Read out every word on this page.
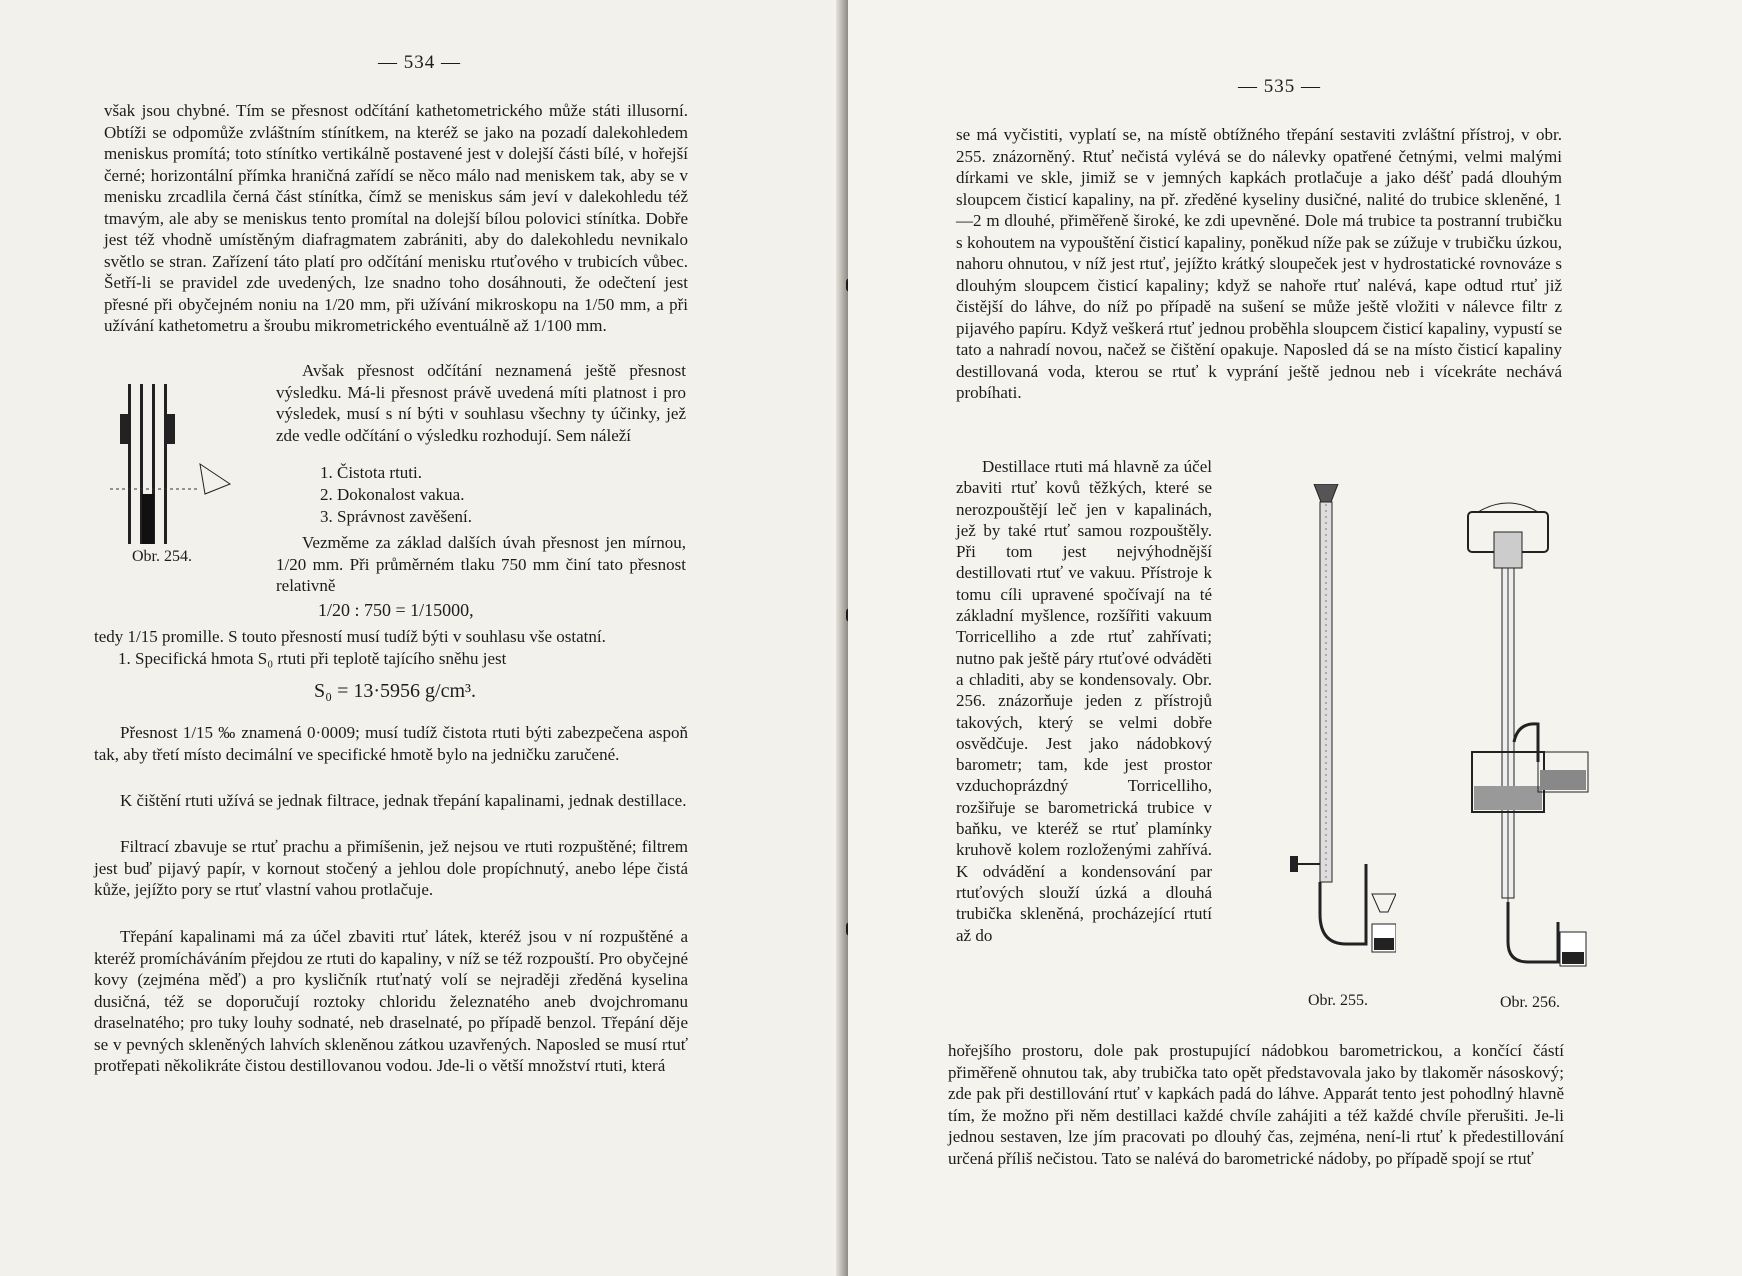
— 534 —

však jsou chybné. Tím se přesnost odčítání kathetometrického může státi illusorní. Obtíži se odpomůže zvláštním stínítkem, na kteréž se jako na pozadí dalekohledem meniskus promítá; toto stínítko vertikálně postavené jest v dolejší části bílé, v hořejší černé; horizontální přímka hraničná zařídí se něco málo nad meniskem tak, aby se v menisku zrcadlila černá část stínítka, čímž se meniskus sám jeví v dalekohledu též tmavým, ale aby se meniskus tento promítal na dolejší bílou polovici stínítka. Dobře jest též vhodně umístěným diafragmatem zabrániti, aby do dalekohledu nevnikalo světlo se stran. Zařízení táto platí pro odčítání menisku rtuťového v trubicích vůbec. Šetří-li se pravidel zde uvedených, lze snadno toho dosáhnouti, že odečtení jest přesné při obyčejném noniu na 1/20 mm, při užívání mikroskopu na 1/50 mm, a při užívání kathetometru a šroubu mikrometrického eventuálně až 1/100 mm.

Obr. 254.

Avšak přesnost odčítání neznamená ještě přesnost výsledku. Má-li přesnost právě uvedená míti platnost i pro výsledek, musí s ní býti v souhlasu všechny ty účinky, jež zde vedle odčítání o výsledku rozhodují. Sem náleží

1. Čistota rtuti.
2. Dokonalost vakua.
3. Správnost zavěšení.

Vezměme za základ dalších úvah přesnost jen mírnou, 1/20 mm. Při průměrném tlaku 750 mm činí tato přesnost relativně

1/20 : 750 = 1/15000,

tedy 1/15 promille. S touto přesností musí tudíž býti v souhlasu vše ostatní.

1. Specifická hmota S₀ rtuti při teplotě tajícího sněhu jest

S₀ = 13·5956 g/cm³.

Přesnost 1/15 ‰ znamená 0·0009; musí tudíž čistota rtuti býti zabezpečena aspoň tak, aby třetí místo decimální ve specifické hmotě bylo na jedničku zaručené.

K čištění rtuti užívá se jednak filtrace, jednak třepání kapalinami, jednak destillace.

Filtrací zbavuje se rtuť prachu a přimíšenin, jež nejsou ve rtuti rozpuštěné; filtrem jest buď pijavý papír, v kornout stočený a jehlou dole propíchnutý, anebo lépe čistá kůže, jejížto pory se rtuť vlastní vahou protlačuje.

Třepání kapalinami má za účel zbaviti rtuť látek, kteréž jsou v ní rozpuštěné a kteréž promícháváním přejdou ze rtuti do kapaliny, v níž se též rozpouští. Pro obyčejné kovy (zejména měď) a pro kysličník rtuťnatý volí se nejraději zředěná kyselina dusičná, též se doporučují roztoky chloridu železnatého aneb dvojchromanu draselnatého; pro tuky louhy sodnaté, neb draselnaté, po případě benzol. Třepání děje se v pevných skleněných lahvích skleněnou zátkou uzavřených. Naposled se musí rtuť protřepati několikráte čistou destillovanou vodou. Jde-li o větší množství rtuti, která

— 535 —

se má vyčistiti, vyplatí se, na místě obtížného třepání sestaviti zvláštní přístroj, v obr. 255. znázorněný. Rtuť nečistá vylévá se do nálevky opatřené četnými, velmi malými dírkami ve skle, jimiž se v jemných kapkách protlačuje a jako déšť padá dlouhým sloupcem čisticí kapaliny, na př. zředěné kyseliny dusičné, nalité do trubice skleněné, 1—2 m dlouhé, přiměřeně široké, ke zdi upevněné. Dole má trubice ta postranní trubičku s kohoutem na vypouštění čisticí kapaliny, poněkud níže pak se zúžuje v trubičku úzkou, nahoru ohnutou, v níž jest rtuť, jejížto krátký sloupeček jest v hydrostatické rovnováze s dlouhým sloupcem čisticí kapaliny; když se nahoře rtuť nalévá, kape odtud rtuť již čistější do láhve, do níž po případě na sušení se může ještě vložiti v nálevce filtr z pijavého papíru. Když veškerá rtuť jednou proběhla sloupcem čisticí kapaliny, vypustí se tato a nahradí novou, načež se čištění opakuje. Naposled dá se na místo čisticí kapaliny destillovaná voda, kterou se rtuť k vyprání ještě jednou neb i vícekráte nechává probíhati.

Destillace rtuti má hlavně za účel zbaviti rtuť kovů těžkých, které se nerozpouštějí leč jen v kapalinách, jež by také rtuť samou rozpouštěly. Při tom jest nejvýhodnější destillovati rtuť ve vakuu. Přístroje k tomu cíli upravené spočívají na té základní myšlence, rozšířiti vakuum Torricelliho a zde rtuť zahřívati; nutno pak ještě páry rtuťové odváděti a chladiti, aby se kondensovaly. Obr. 256. znázorňuje jeden z přístrojů takových, který se velmi dobře osvědčuje. Jest jako nádobkový barometr; tam, kde jest prostor vzduchoprázdný Torricelliho, rozšiřuje se barometrická trubice v baňku, ve kteréž se rtuť plamínky kruhově kolem rozloženými zahřívá. K odvádění a kondensování par rtuťových slouží úzká a dlouhá trubička skleněná, procházející rtutí až do

Obr. 255.	Obr. 256.

hořejšího prostoru, dole pak prostupující nádobkou barometrickou, a končící částí přiměřeně ohnutou tak, aby trubička tato opět představovala jako by tlakoměr násoskový; zde pak při destillování rtuť v kapkách padá do láhve. Apparát tento jest pohodlný hlavně tím, že možno při něm destillaci každé chvíle zahájiti a též každé chvíle přerušiti. Je-li jednou sestaven, lze jím pracovati po dlouhý čas, zejména, není-li rtuť k předestillování určená příliš nečistou. Tato se nalévá do barometrické nádoby, po případě spojí se rtuť
